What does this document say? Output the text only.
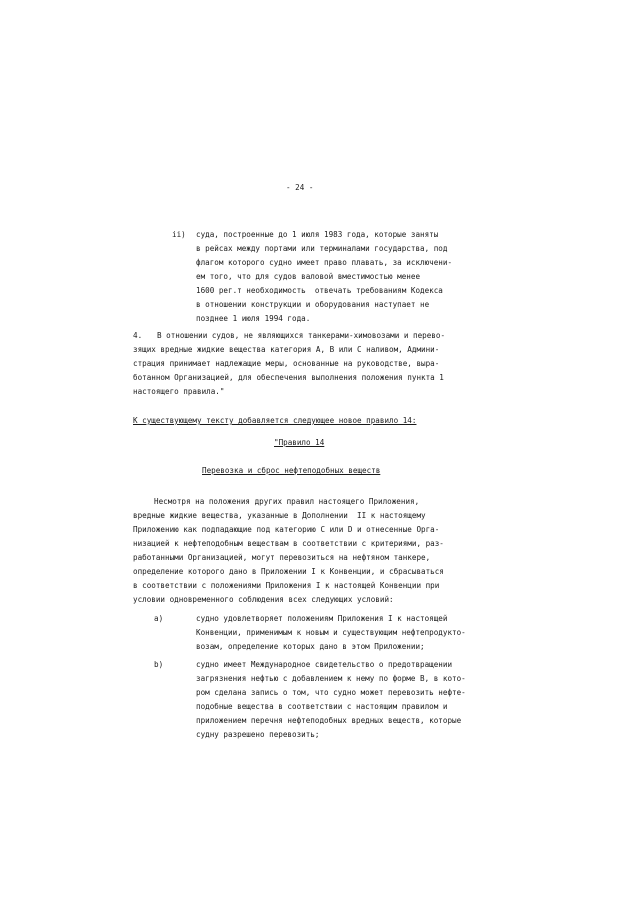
- 24 -
ii) суда, построенные до 1 июля 1983 года, которые заняты
в рейсах между портами или терминалами государства, под
флагом которого судно имеет право плавать, за исключени-
ем того, что для судов валовой вместимостью менее
1600 рег.т необходимость  отвечать требованиям Кодекса
в отношении конструкции и оборудования наступает не
позднее 1 июля 1994 года.
4. В отношении судов, не являющихся танкерами-химовозами и перево-
зящих вредные жидкие вещества категория А, В или С наливом, Админи-
страция принимает надлежащие меры, основанные на руководстве, выра-
ботанном Организацией, для обеспечения выполнения положения пункта 1
настоящего правила."
К существующему тексту добавляется следующее новое правило 14:
"Правило 14
Перевозка и сброс нефтеподобных веществ
Несмотря на положения других правил настоящего Приложения,
вредные жидкие вещества, указанные в Дополнении  II к настоящему
Приложению как подпадающие под категорию С или D и отнесенные Орга-
низацией к нефтеподобным веществам в соответствии с критериями, раз-
работанными Организацией, могут перевозиться на нефтяном танкере,
определение которого дано в Приложении I к Конвенции, и сбрасываться
в соответствии с положениями Приложения I к настоящей Конвенции при
условии одновременного соблюдения всех следующих условий:
a)	судно удовлетворяет положениям Приложения I к настоящей
Конвенции, применимым к новым и существующим нефтепродукто-
возам, определение которых дано в этом Приложении;
b)	судно имеет Международное свидетельство о предотвращении
загрязнения нефтью с добавлением к нему по форме В, в кото-
ром сделана запись о том, что судно может перевозить нефте-
подобные вещества в соответствии с настоящим правилом и
приложением перечня нефтеподобных вредных веществ, которые
судну разрешено перевозить;
